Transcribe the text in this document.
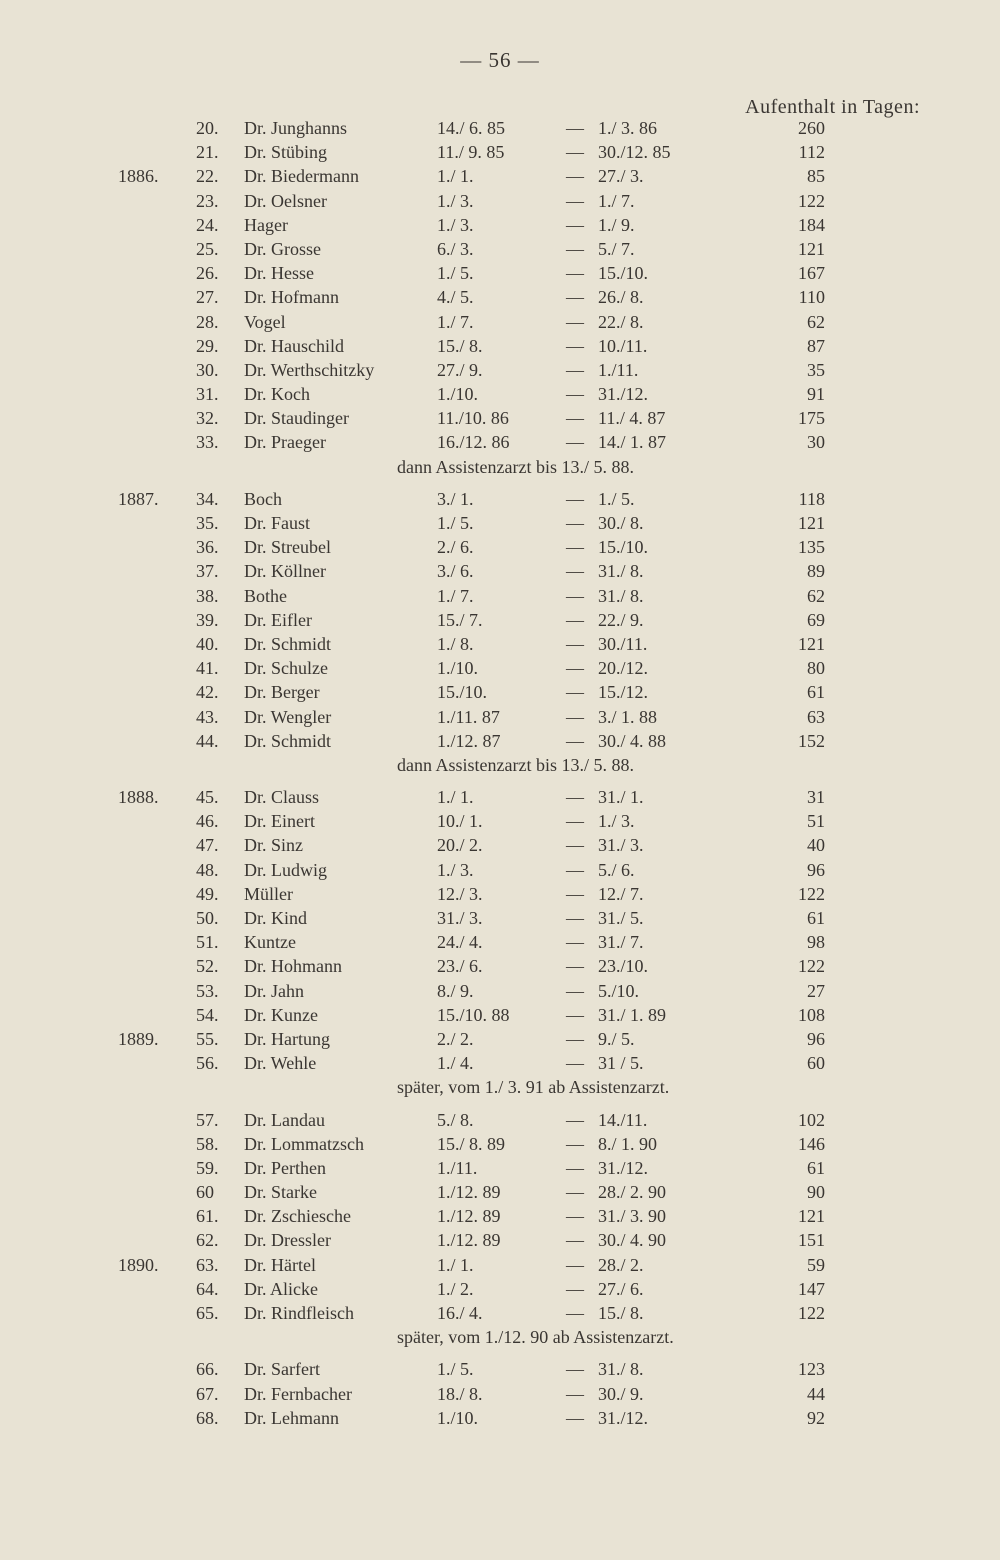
— 56 —
Aufenthalt in Tagen:
20. Dr. Junghanns	14./ 6. 85	— 1./ 3. 86	260
21. Dr. Stübing	11./ 9. 85	— 30./12. 85	112
1886. 22. Dr. Biedermann	1./ 1.	— 27./ 3.	85
23. Dr. Oelsner	1./ 3.	— 1./ 7.	122
24. Hager	1./ 3.	— 1./ 9.	184
25. Dr. Grosse	6./ 3.	— 5./ 7.	121
26. Dr. Hesse	1./ 5.	— 15./10.	167
27. Dr. Hofmann	4./ 5.	— 26./ 8.	110
28. Vogel	1./ 7.	— 22./ 8.	62
29. Dr. Hauschild	15./ 8.	— 10./11.	87
30. Dr. Werthschitzky	27./ 9.	— 1./11.	35
31. Dr. Koch	1./10.	— 31./12.	91
32. Dr. Staudinger	11./10. 86	— 11./ 4. 87	175
33. Dr. Praeger	16./12. 86	— 14./ 1. 87	30
dann Assistenzarzt bis 13./ 5. 88.
1887. 34. Boch	3./ 1.	— 1./ 5.	118
35. Dr. Faust	1./ 5.	— 30./ 8.	121
36. Dr. Streubel	2./ 6.	— 15./10.	135
37. Dr. Köllner	3./ 6.	— 31./ 8.	89
38. Bothe	1./ 7.	— 31./ 8.	62
39. Dr. Eifler	15./ 7.	— 22./ 9.	69
40. Dr. Schmidt	1./ 8.	— 30./11.	121
41. Dr. Schulze	1./10.	— 20./12.	80
42. Dr. Berger	15./10.	— 15./12.	61
43. Dr. Wengler	1./11. 87	— 3./ 1. 88	63
44. Dr. Schmidt	1./12. 87	— 30./ 4. 88	152
dann Assistenzarzt bis 13./ 5. 88.
1888. 45. Dr. Clauss	1./ 1.	— 31./ 1.	31
46. Dr. Einert	10./ 1.	— 1./ 3.	51
47. Dr. Sinz	20./ 2.	— 31./ 3.	40
48. Dr. Ludwig	1./ 3.	— 5./ 6.	96
49. Müller	12./ 3.	— 12./ 7.	122
50. Dr. Kind	31./ 3.	— 31./ 5.	61
51. Kuntze	24./ 4.	— 31./ 7.	98
52. Dr. Hohmann	23./ 6.	— 23./10.	122
53. Dr. Jahn	8./ 9.	— 5./10.	27
54. Dr. Kunze	15./10. 88	— 31./ 1. 89	108
1889. 55. Dr. Hartung	2./ 2.	— 9./ 5.	96
56. Dr. Wehle	1./ 4.	— 31 / 5.	60
später, vom 1./ 3. 91 ab Assistenzarzt.
57. Dr. Landau	5./ 8.	— 14./11.	102
58. Dr. Lommatzsch	15./ 8. 89	— 8./ 1. 90	146
59. Dr. Perthen	1./11.	— 31./12.	61
60 Dr. Starke	1./12. 89	— 28./ 2. 90	90
61. Dr. Zschiesche	1./12. 89	— 31./ 3. 90	121
62. Dr. Dressler	1./12. 89	— 30./ 4. 90	151
1890. 63. Dr. Härtel	1./ 1.	— 28./ 2.	59
64. Dr. Alicke	1./ 2.	— 27./ 6.	147
65. Dr. Rindfleisch	16./ 4.	— 15./ 8.	122
später, vom 1./12. 90 ab Assistenzarzt.
66. Dr. Sarfert	1./ 5.	— 31./ 8.	123
67. Dr. Fernbacher	18./ 8.	— 30./ 9.	44
68. Dr. Lehmann	1./10.	— 31./12.	92
